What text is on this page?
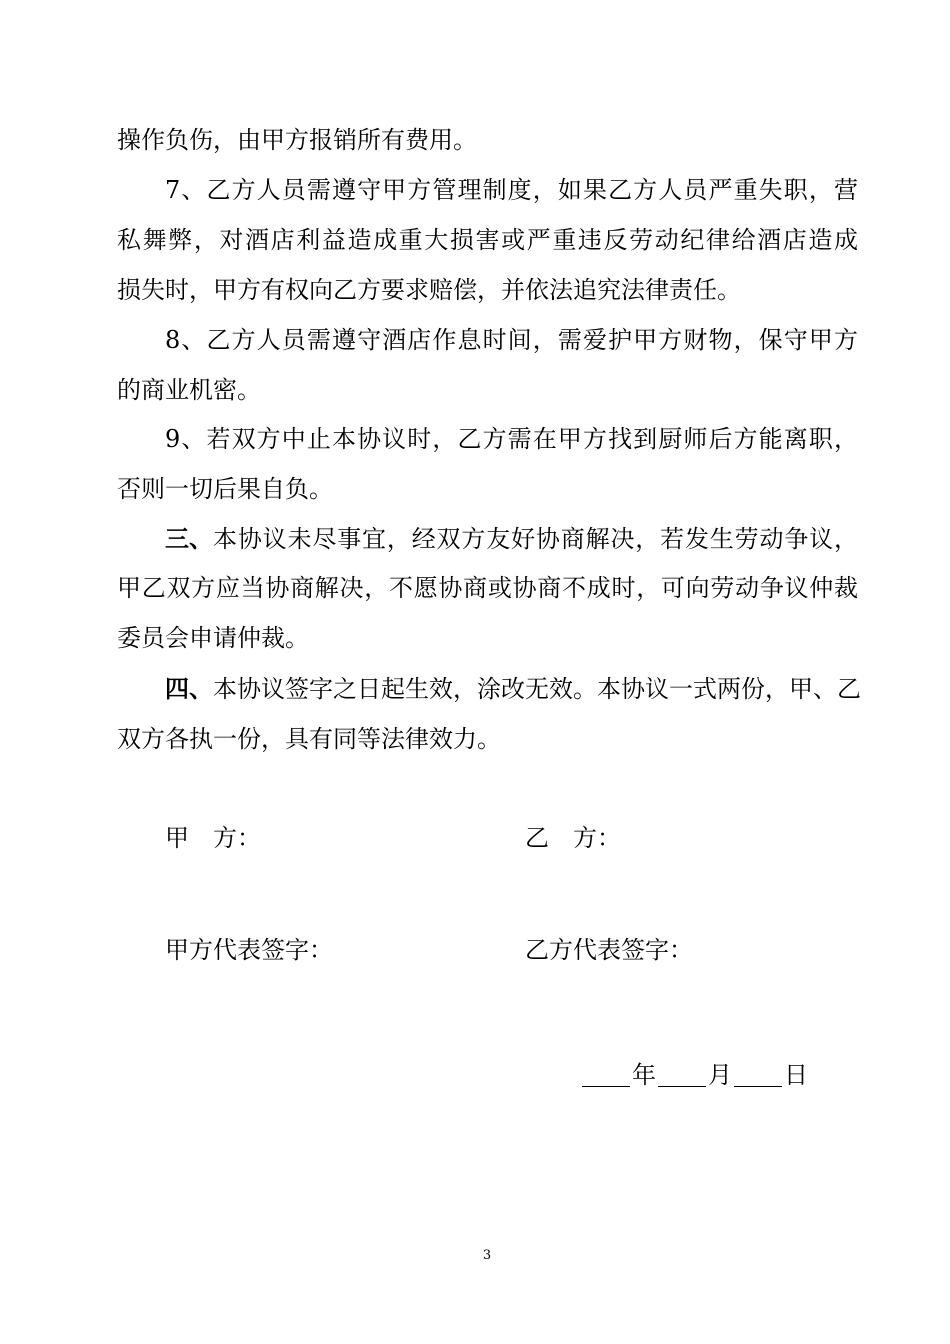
操作负伤，由甲方报销所有费用。
7、乙方人员需遵守甲方管理制度，如果乙方人员严重失职，营
私舞弊，对酒店利益造成重大损害或严重违反劳动纪律给酒店造成
损失时，甲方有权向乙方要求赔偿，并依法追究法律责任。
8、乙方人员需遵守酒店作息时间，需爱护甲方财物，保守甲方
的商业机密。
9、若双方中止本协议时，乙方需在甲方找到厨师后方能离职，
否则一切后果自负。
三、 本协议未尽事宜，经双方友好协商解决，若发生劳动争议，
甲乙双方应当协商解决，不愿协商或协商不成时，可向劳动争议仲裁
委员会申请仲裁。
四、 本协议签字之日起生效，涂改无效。本协议一式两份，甲、乙
双方各执一份，具有同等法律效力。
甲　方：	乙　方：
甲方代表签字：	乙方代表签字：
年 月 日
3
